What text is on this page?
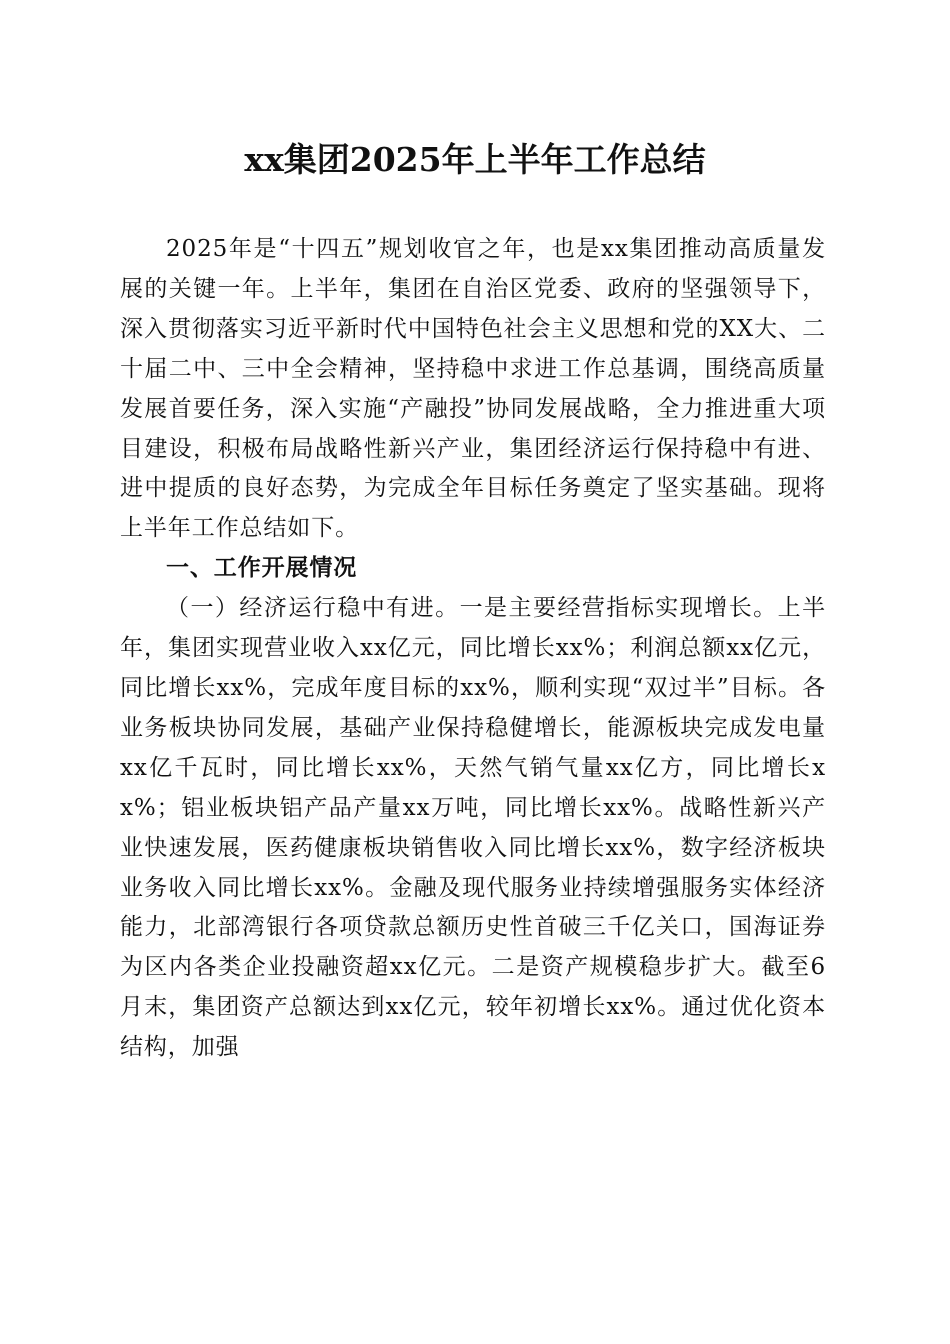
xx集团2025年上半年工作总结

2025年是“十四五”规划收官之年，也是xx集团推动高质量发展的关键一年。上半年，集团在自治区党委、政府的坚强领导下，深入贯彻落实习近平新时代中国特色社会主义思想和党的XX大、二十届二中、三中全会精神，坚持稳中求进工作总基调，围绕高质量发展首要任务，深入实施“产融投”协同发展战略，全力推进重大项目建设，积极布局战略性新兴产业，集团经济运行保持稳中有进、进中提质的良好态势，为完成全年目标任务奠定了坚实基础。现将上半年工作总结如下。

一、工作开展情况

（一）经济运行稳中有进。一是主要经营指标实现增长。上半年，集团实现营业收入xx亿元，同比增长xx%；利润总额xx亿元，同比增长xx%，完成年度目标的xx%，顺利实现“双过半”目标。各业务板块协同发展，基础产业保持稳健增长，能源板块完成发电量xx亿千瓦时，同比增长xx%，天然气销气量xx亿方，同比增长xx%；铝业板块铝产品产量xx万吨，同比增长xx%。战略性新兴产业快速发展，医药健康板块销售收入同比增长xx%，数字经济板块业务收入同比增长xx%。金融及现代服务业持续增强服务实体经济能力，北部湾银行各项贷款总额历史性首破三千亿关口，国海证券为区内各类企业投融资超xx亿元。二是资产规模稳步扩大。截至6月末，集团资产总额达到xx亿元，较年初增长xx%。通过优化资本结构，加强
